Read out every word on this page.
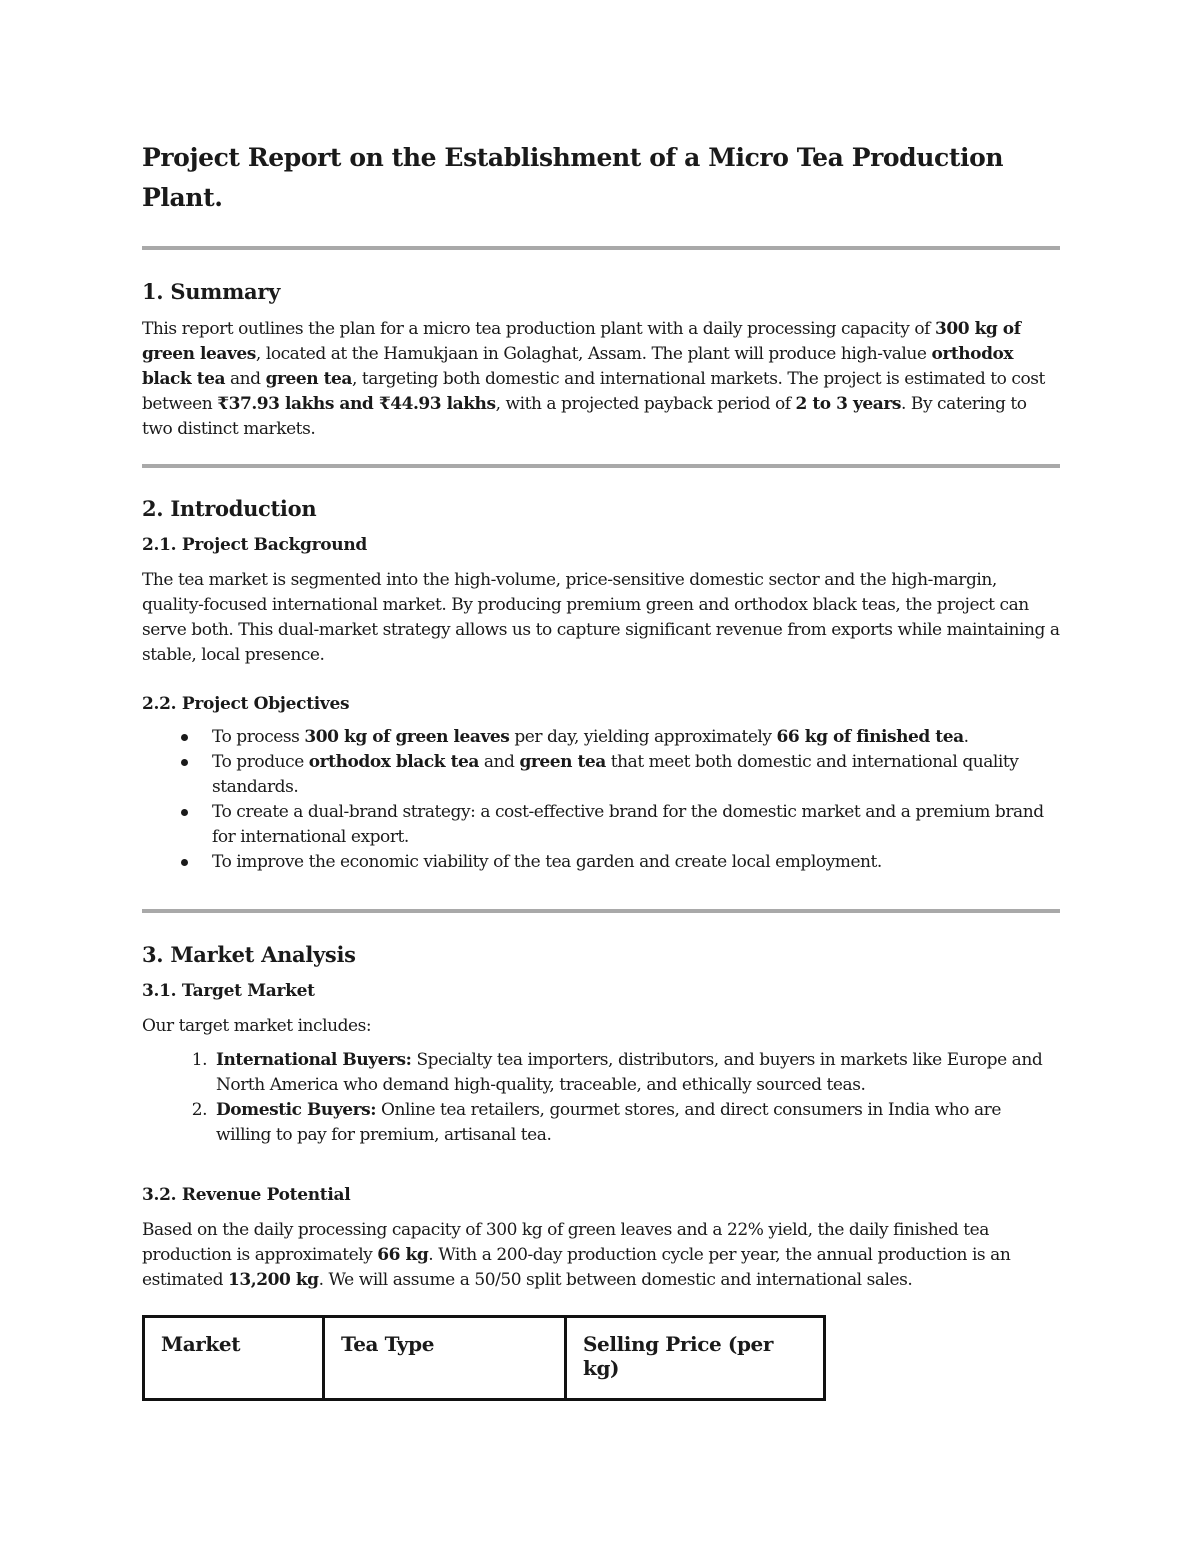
Project Report on the Establishment of a Micro Tea Production Plant.
1. Summary

This report outlines the plan for a micro tea production plant with a daily processing capacity of 300 kg of green leaves, located at the Hamukjaan in Golaghat, Assam. The plant will produce high-value orthodox black tea and green tea, targeting both domestic and international markets. The project is estimated to cost between ₹37.93 lakhs and ₹44.93 lakhs, with a projected payback period of 2 to 3 years. By catering to two distinct markets.

2. Introduction
2.1. Project Background

The tea market is segmented into the high-volume, price-sensitive domestic sector and the high-margin, quality-focused international market. By producing premium green and orthodox black teas, the project can serve both. This dual-market strategy allows us to capture significant revenue from exports while maintaining a stable, local presence.

2.2. Project Objectives
To process 300 kg of green leaves per day, yielding approximately 66 kg of finished tea.
To produce orthodox black tea and green tea that meet both domestic and international quality standards.
To create a dual-brand strategy: a cost-effective brand for the domestic market and a premium brand for international export.
To improve the economic viability of the tea garden and create local employment.
3. Market Analysis
3.1. Target Market

Our target market includes:

1. International Buyers: Specialty tea importers, distributors, and buyers in markets like Europe and North America who demand high-quality, traceable, and ethically sourced teas.
2. Domestic Buyers: Online tea retailers, gourmet stores, and direct consumers in India who are willing to pay for premium, artisanal tea.
3.2. Revenue Potential

Based on the daily processing capacity of 300 kg of green leaves and a 22% yield, the daily finished tea production is approximately 66 kg. With a 200-day production cycle per year, the annual production is an estimated 13,200 kg. We will assume a 50/50 split between domestic and international sales.

Market	Tea Type	Selling Price (per kg)
